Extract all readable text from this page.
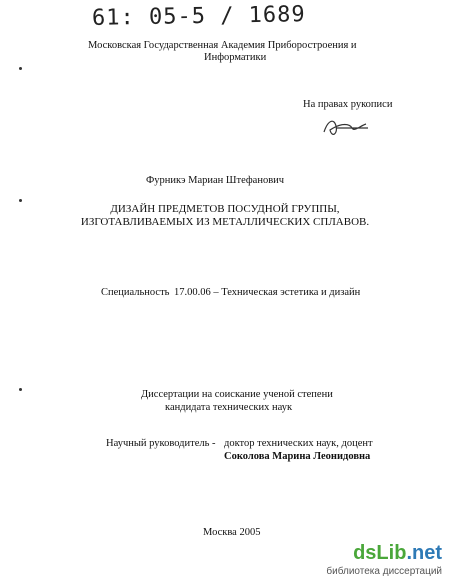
61: 05-5 / 1689
Московская Государственная Академия Приборостроения и
Информатики
На правах рукописи
Фурникэ Мариан Штефанович
ДИЗАЙН ПРЕДМЕТОВ ПОСУДНОЙ ГРУППЫ,
ИЗГОТАВЛИВАЕМЫХ ИЗ МЕТАЛЛИЧЕСКИХ СПЛАВОВ.
Специальность 17.00.06 – Техническая эстетика и дизайн
Диссертации на соискание ученой степени
кандидата технических наук
Научный руководитель - доктор технических наук, доцент
Соколова Марина Леонидовна
Москва 2005
dsLib.net
библиотека диссертаций
